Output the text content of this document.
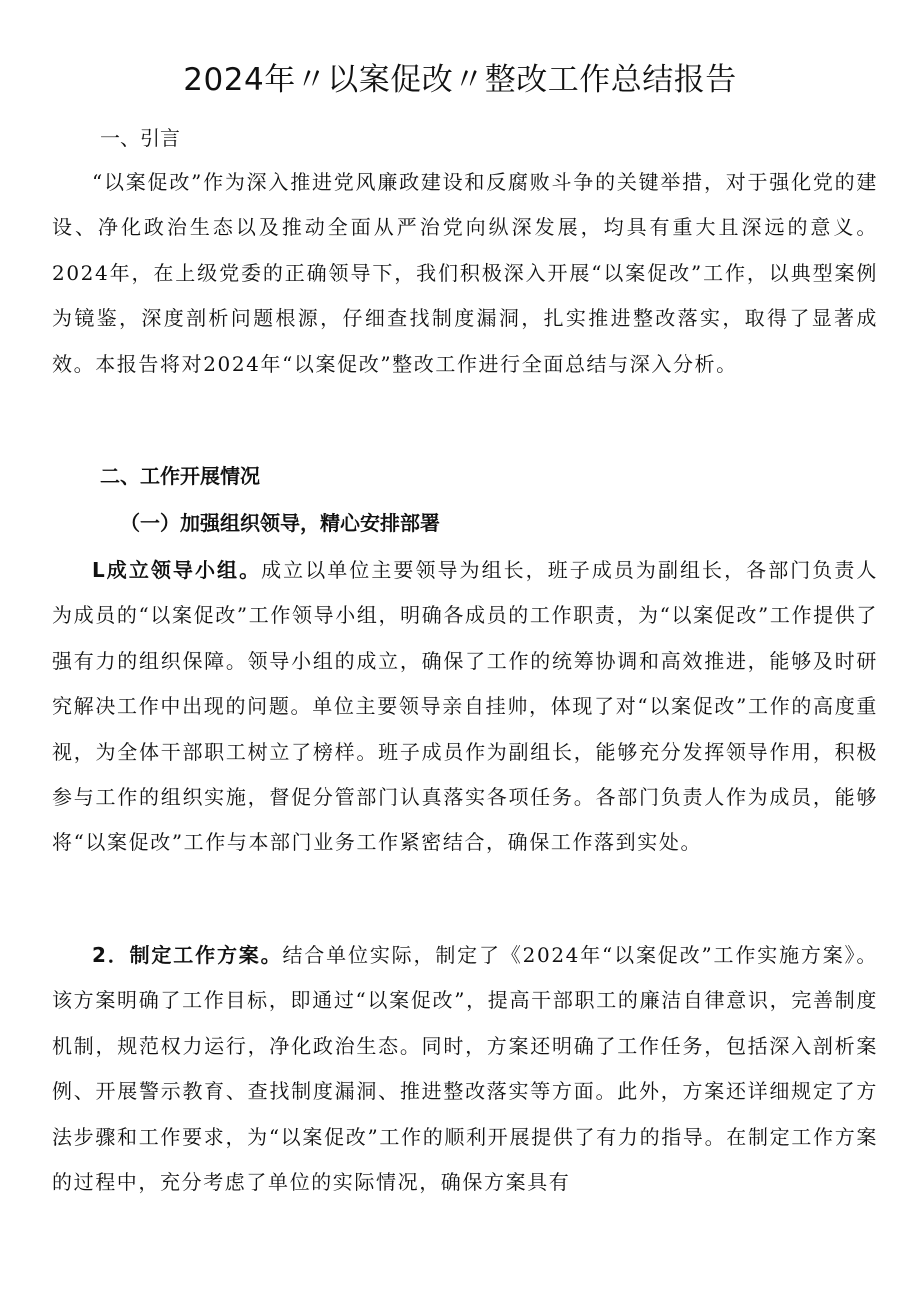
2024年〃以案促改〃整改工作总结报告
一、引言
“以案促改”作为深入推进党风廉政建设和反腐败斗争的关键举措，对于强化党的建设、净化政治生态以及推动全面从严治党向纵深发展，均具有重大且深远的意义。2024年，在上级党委的正确领导下，我们积极深入开展“以案促改”工作，以典型案例为镜鉴，深度剖析问题根源，仔细查找制度漏洞，扎实推进整改落实，取得了显著成效。本报告将对2024年“以案促改”整改工作进行全面总结与深入分析。
二、工作开展情况
（一）加强组织领导，精心安排部署
L成立领导小组。成立以单位主要领导为组长，班子成员为副组长，各部门负责人为成员的“以案促改”工作领导小组，明确各成员的工作职责，为“以案促改”工作提供了强有力的组织保障。领导小组的成立，确保了工作的统筹协调和高效推进，能够及时研究解决工作中出现的问题。单位主要领导亲自挂帅，体现了对“以案促改”工作的高度重视，为全体干部职工树立了榜样。班子成员作为副组长，能够充分发挥领导作用，积极参与工作的组织实施，督促分管部门认真落实各项任务。各部门负责人作为成员，能够将“以案促改”工作与本部门业务工作紧密结合，确保工作落到实处。
2．制定工作方案。结合单位实际，制定了《2024年“以案促改”工作实施方案》。该方案明确了工作目标，即通过“以案促改”，提高干部职工的廉洁自律意识，完善制度机制，规范权力运行，净化政治生态。同时，方案还明确了工作任务，包括深入剖析案例、开展警示教育、查找制度漏洞、推进整改落实等方面。此外，方案还详细规定了方法步骤和工作要求，为“以案促改”工作的顺利开展提供了有力的指导。在制定工作方案的过程中，充分考虑了单位的实际情况，确保方案具有
